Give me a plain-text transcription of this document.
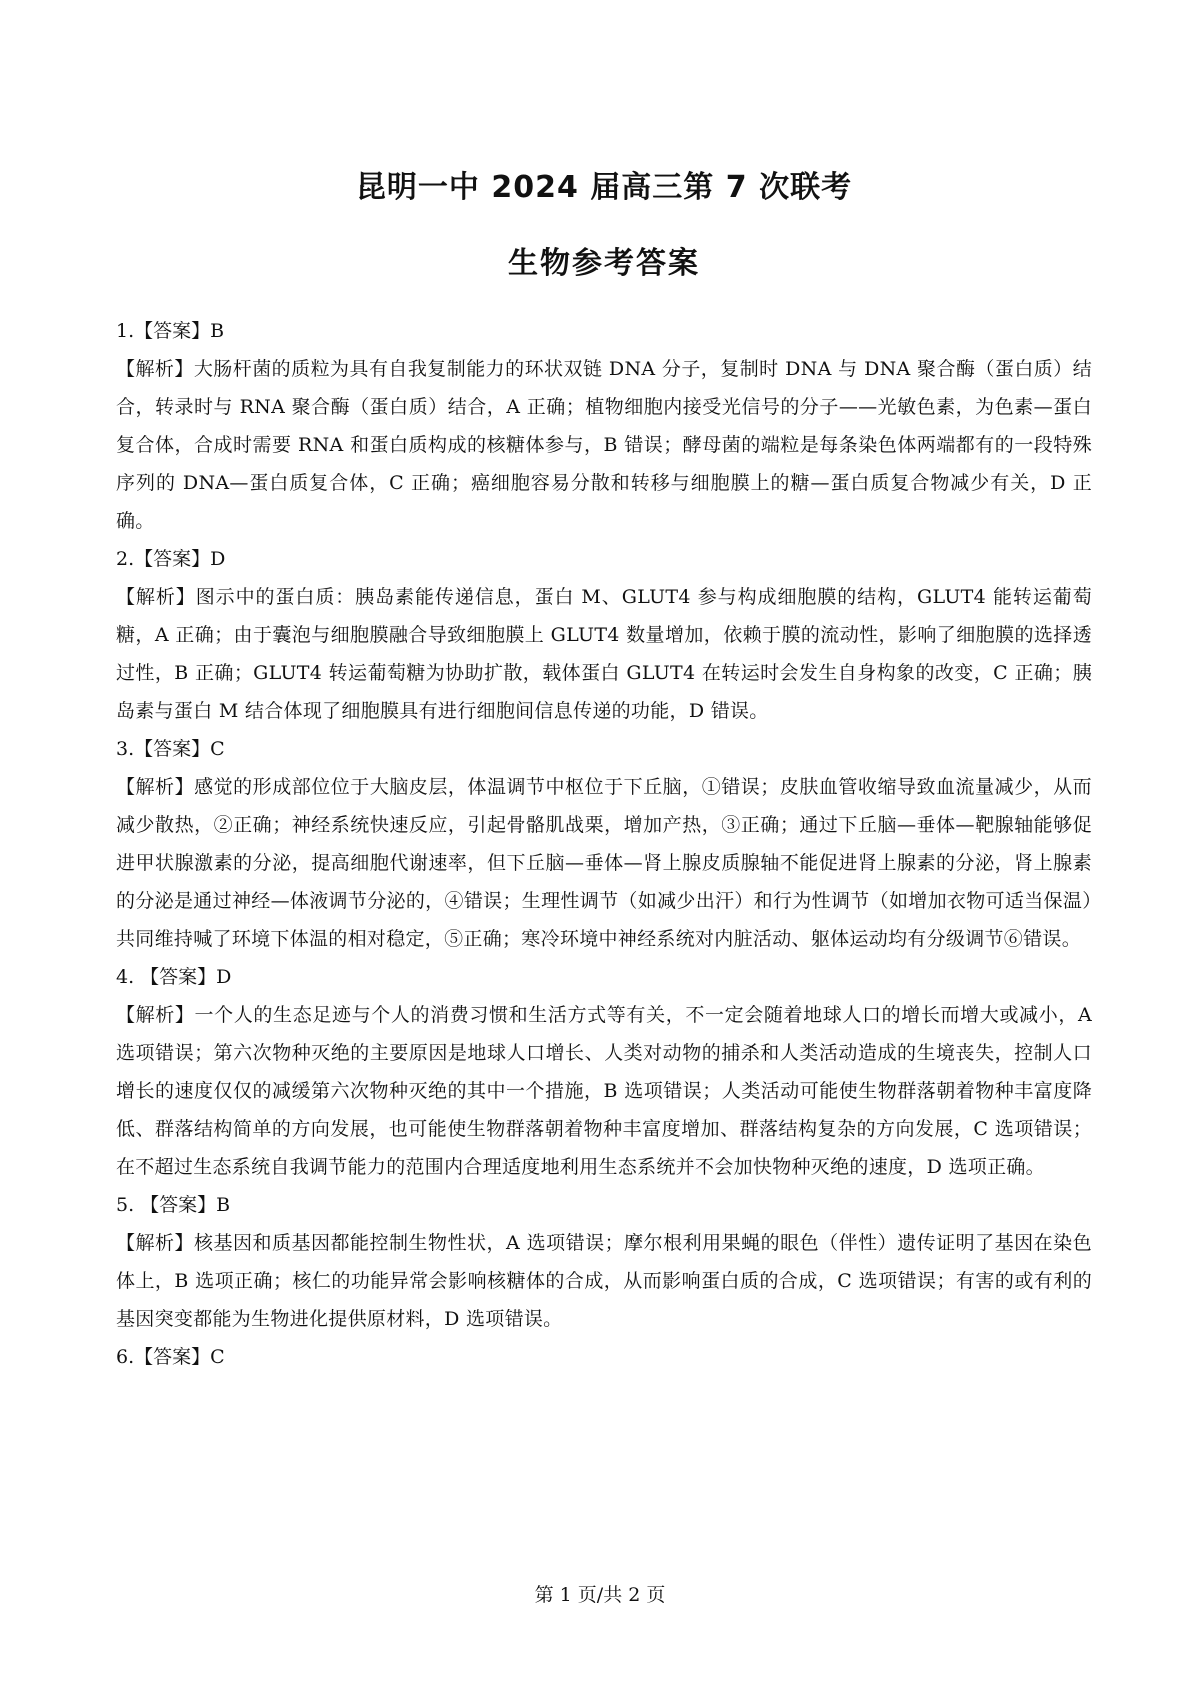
昆明一中 2024 届高三第 7 次联考
生物参考答案

1.【答案】B

【解析】大肠杆菌的质粒为具有自我复制能力的环状双链 DNA 分子，复制时 DNA 与 DNA 聚合酶（蛋白质）结合，转录时与 RNA 聚合酶（蛋白质）结合，A 正确；植物细胞内接受光信号的分子——光敏色素，为色素—蛋白复合体，合成时需要 RNA 和蛋白质构成的核糖体参与，B 错误；酵母菌的端粒是每条染色体两端都有的一段特殊序列的 DNA—蛋白质复合体，C 正确；癌细胞容易分散和转移与细胞膜上的糖—蛋白质复合物减少有关，D 正确。

2.【答案】D

【解析】图示中的蛋白质：胰岛素能传递信息，蛋白 M、GLUT4 参与构成细胞膜的结构，GLUT4 能转运葡萄糖，A 正确；由于囊泡与细胞膜融合导致细胞膜上 GLUT4 数量增加，依赖于膜的流动性，影响了细胞膜的选择透过性，B 正确；GLUT4 转运葡萄糖为协助扩散，载体蛋白 GLUT4 在转运时会发生自身构象的改变，C 正确；胰岛素与蛋白 M 结合体现了细胞膜具有进行细胞间信息传递的功能，D 错误。

3.【答案】C

【解析】感觉的形成部位位于大脑皮层，体温调节中枢位于下丘脑，①错误；皮肤血管收缩导致血流量减少，从而减少散热，②正确；神经系统快速反应，引起骨骼肌战栗，增加产热，③正确；通过下丘脑—垂体—靶腺轴能够促进甲状腺激素的分泌，提高细胞代谢速率，但下丘脑—垂体—肾上腺皮质腺轴不能促进肾上腺素的分泌，肾上腺素的分泌是通过神经—体液调节分泌的，④错误；生理性调节（如减少出汗）和行为性调节（如增加衣物可适当保温）共同维持喊了环境下体温的相对稳定，⑤正确；寒冷环境中神经系统对内脏活动、躯体运动均有分级调节⑥错误。

4. 【答案】D

【解析】一个人的生态足迹与个人的消费习惯和生活方式等有关，不一定会随着地球人口的增长而增大或减小，A 选项错误；第六次物种灭绝的主要原因是地球人口增长、人类对动物的捕杀和人类活动造成的生境丧失，控制人口增长的速度仅仅的减缓第六次物种灭绝的其中一个措施，B 选项错误；人类活动可能使生物群落朝着物种丰富度降低、群落结构简单的方向发展，也可能使生物群落朝着物种丰富度增加、群落结构复杂的方向发展，C 选项错误；在不超过生态系统自我调节能力的范围内合理适度地利用生态系统并不会加快物种灭绝的速度，D 选项正确。

5. 【答案】B

【解析】核基因和质基因都能控制生物性状，A 选项错误；摩尔根利用果蝇的眼色（伴性）遗传证明了基因在染色体上，B 选项正确；核仁的功能异常会影响核糖体的合成，从而影响蛋白质的合成，C 选项错误；有害的或有利的基因突变都能为生物进化提供原材料，D 选项错误。

6.【答案】C

第 1 页/共 2 页
